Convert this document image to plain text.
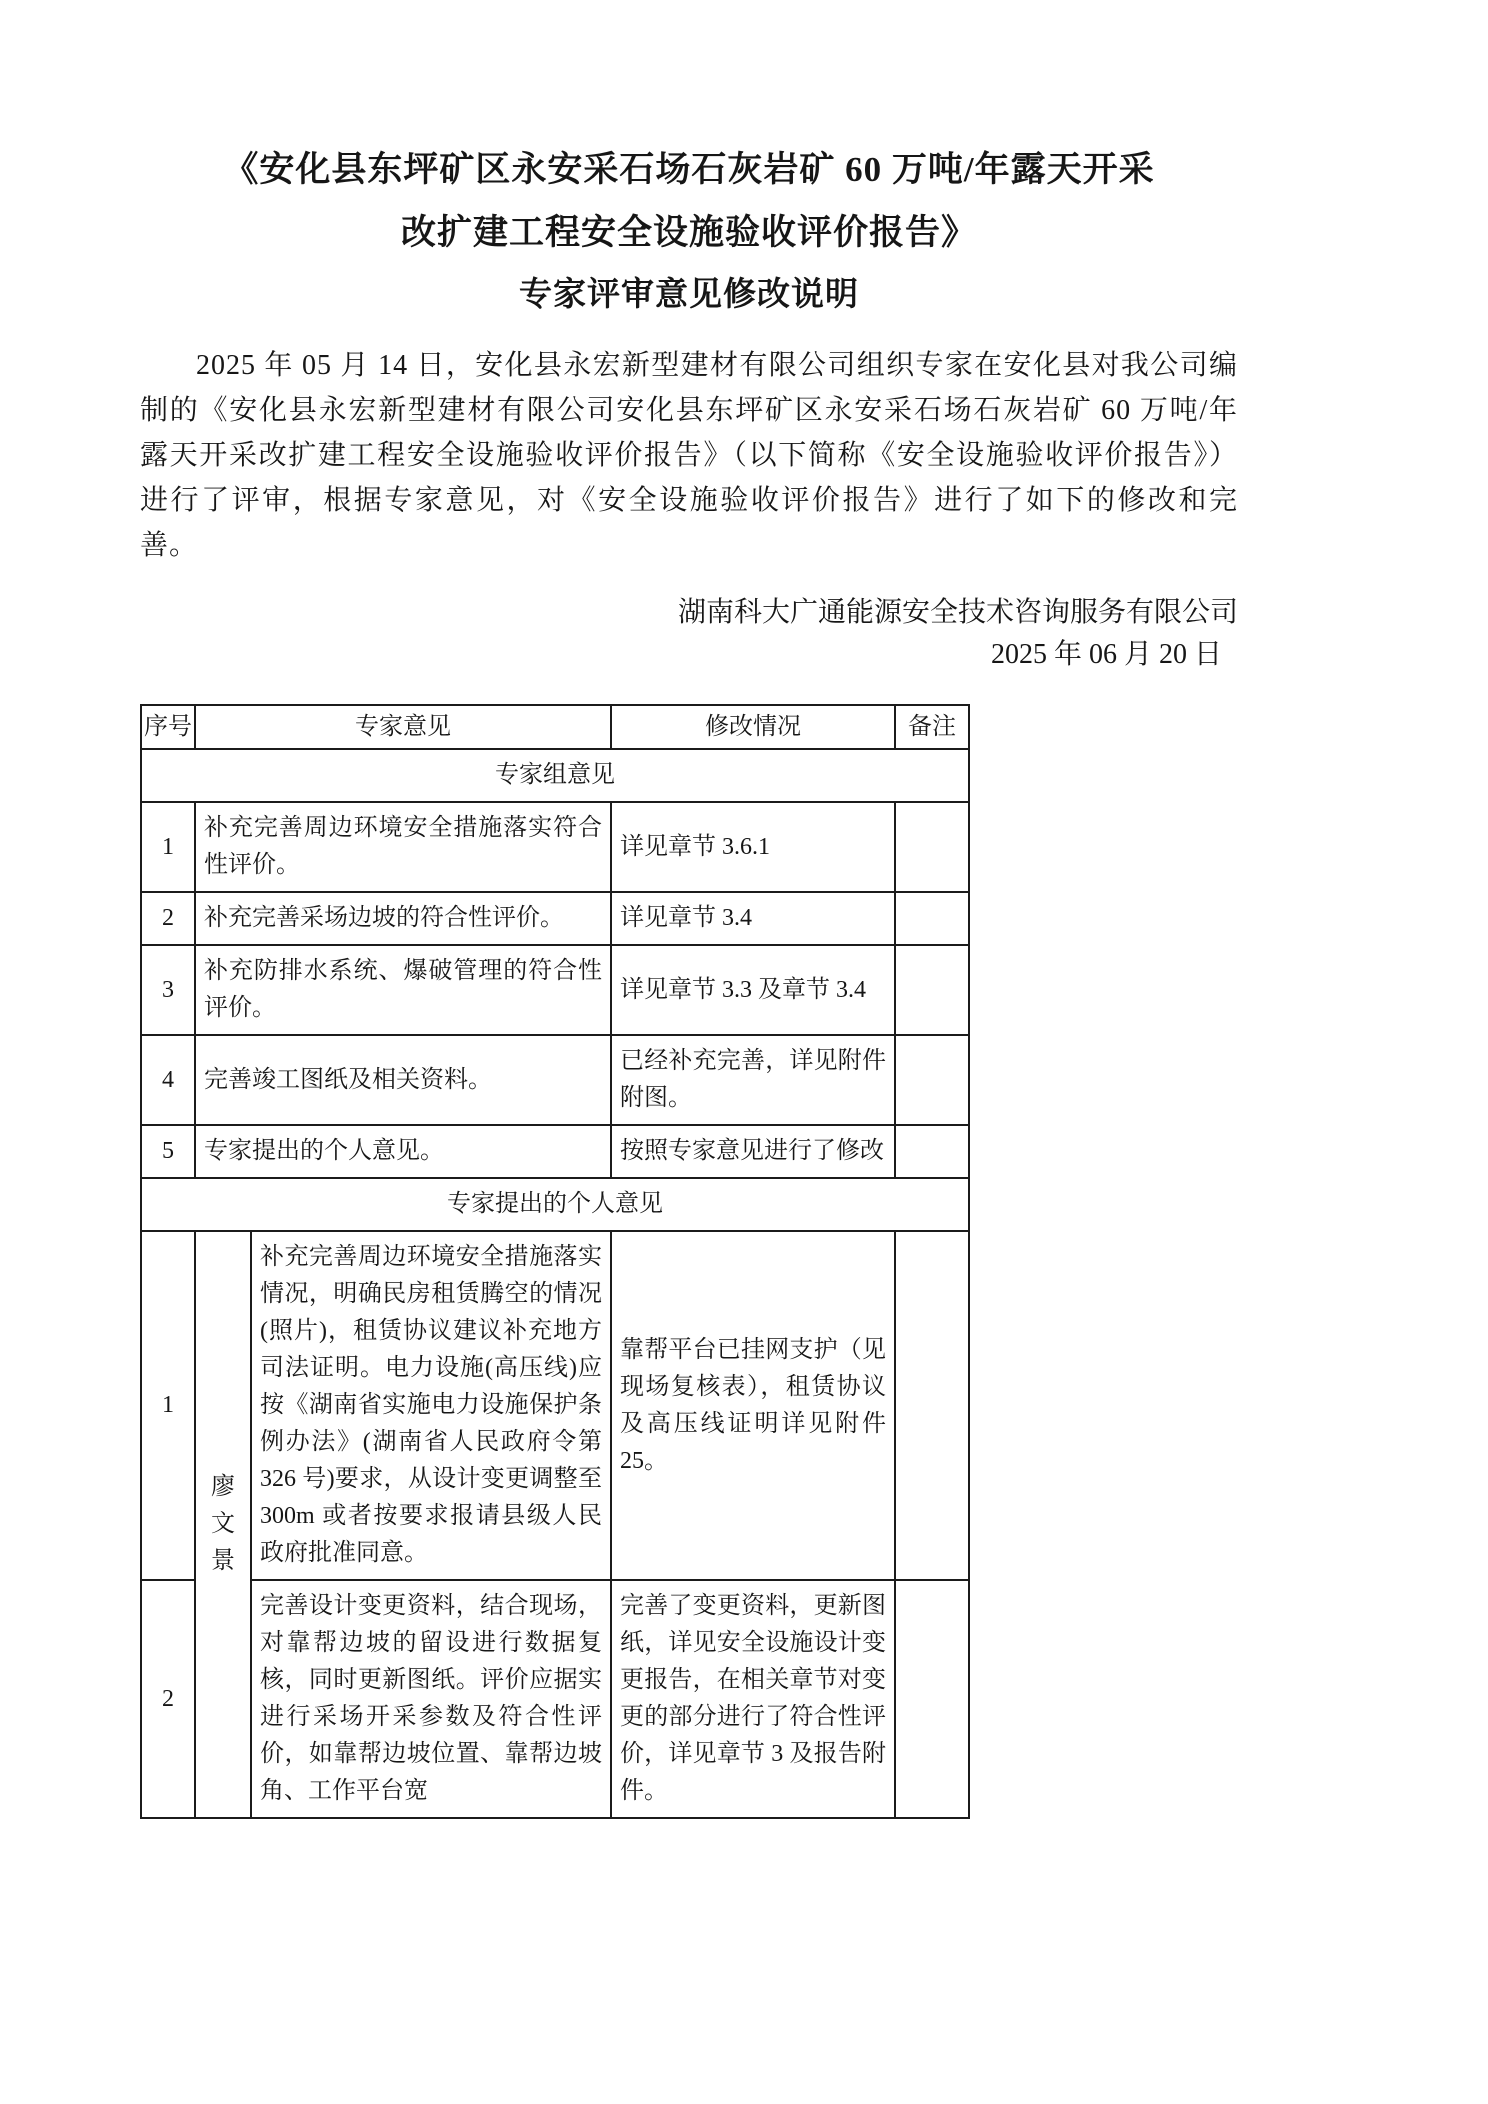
《安化县东坪矿区永安采石场石灰岩矿 60 万吨/年露天开采
改扩建工程安全设施验收评价报告》
专家评审意见修改说明

2025 年 05 月 14 日，安化县永宏新型建材有限公司组织专家在安化县对我公司编制的《安化县永宏新型建材有限公司安化县东坪矿区永安采石场石灰岩矿 60 万吨/年露天开采改扩建工程安全设施验收评价报告》（以下简称《安全设施验收评价报告》）进行了评审，根据专家意见，对《安全设施验收评价报告》进行了如下的修改和完善。

湖南科大广通能源安全技术咨询服务有限公司
2025 年 06 月 20 日
序号	专家意见		修改情况	备注
专家组意见				
1	补充完善周边环境安全措施落实符合性评价。		详见章节 3.6.1	
2	补充完善采场边坡的符合性评价。		详见章节 3.4	
3	补充防排水系统、爆破管理的符合性评价。		详见章节 3.3 及章节 3.4	
4	完善竣工图纸及相关资料。		已经补充完善，详见附件附图。	
5	专家提出的个人意见。		按照专家意见进行了修改	
专家提出的个人意见				
1	廖文景	补充完善周边环境安全措施落实情况，明确民房租赁腾空的情况(照片)，租赁协议建议补充地方司法证明。电力设施(高压线)应按《湖南省实施电力设施保护条例办法》(湖南省人民政府令第 326 号)要求，从设计变更调整至 300m 或者按要求报请县级人民政府批准同意。	靠帮平台已挂网支护（见现场复核表），租赁协议及高压线证明详见附件 25。	
2		完善设计变更资料，结合现场，对靠帮边坡的留设进行数据复核，同时更新图纸。评价应据实进行采场开采参数及符合性评价，如靠帮边坡位置、靠帮边坡角、工作平台宽	完善了变更资料，更新图纸，详见安全设施设计变更报告，在相关章节对变更的部分进行了符合性评价，详见章节 3 及报告附件。	
